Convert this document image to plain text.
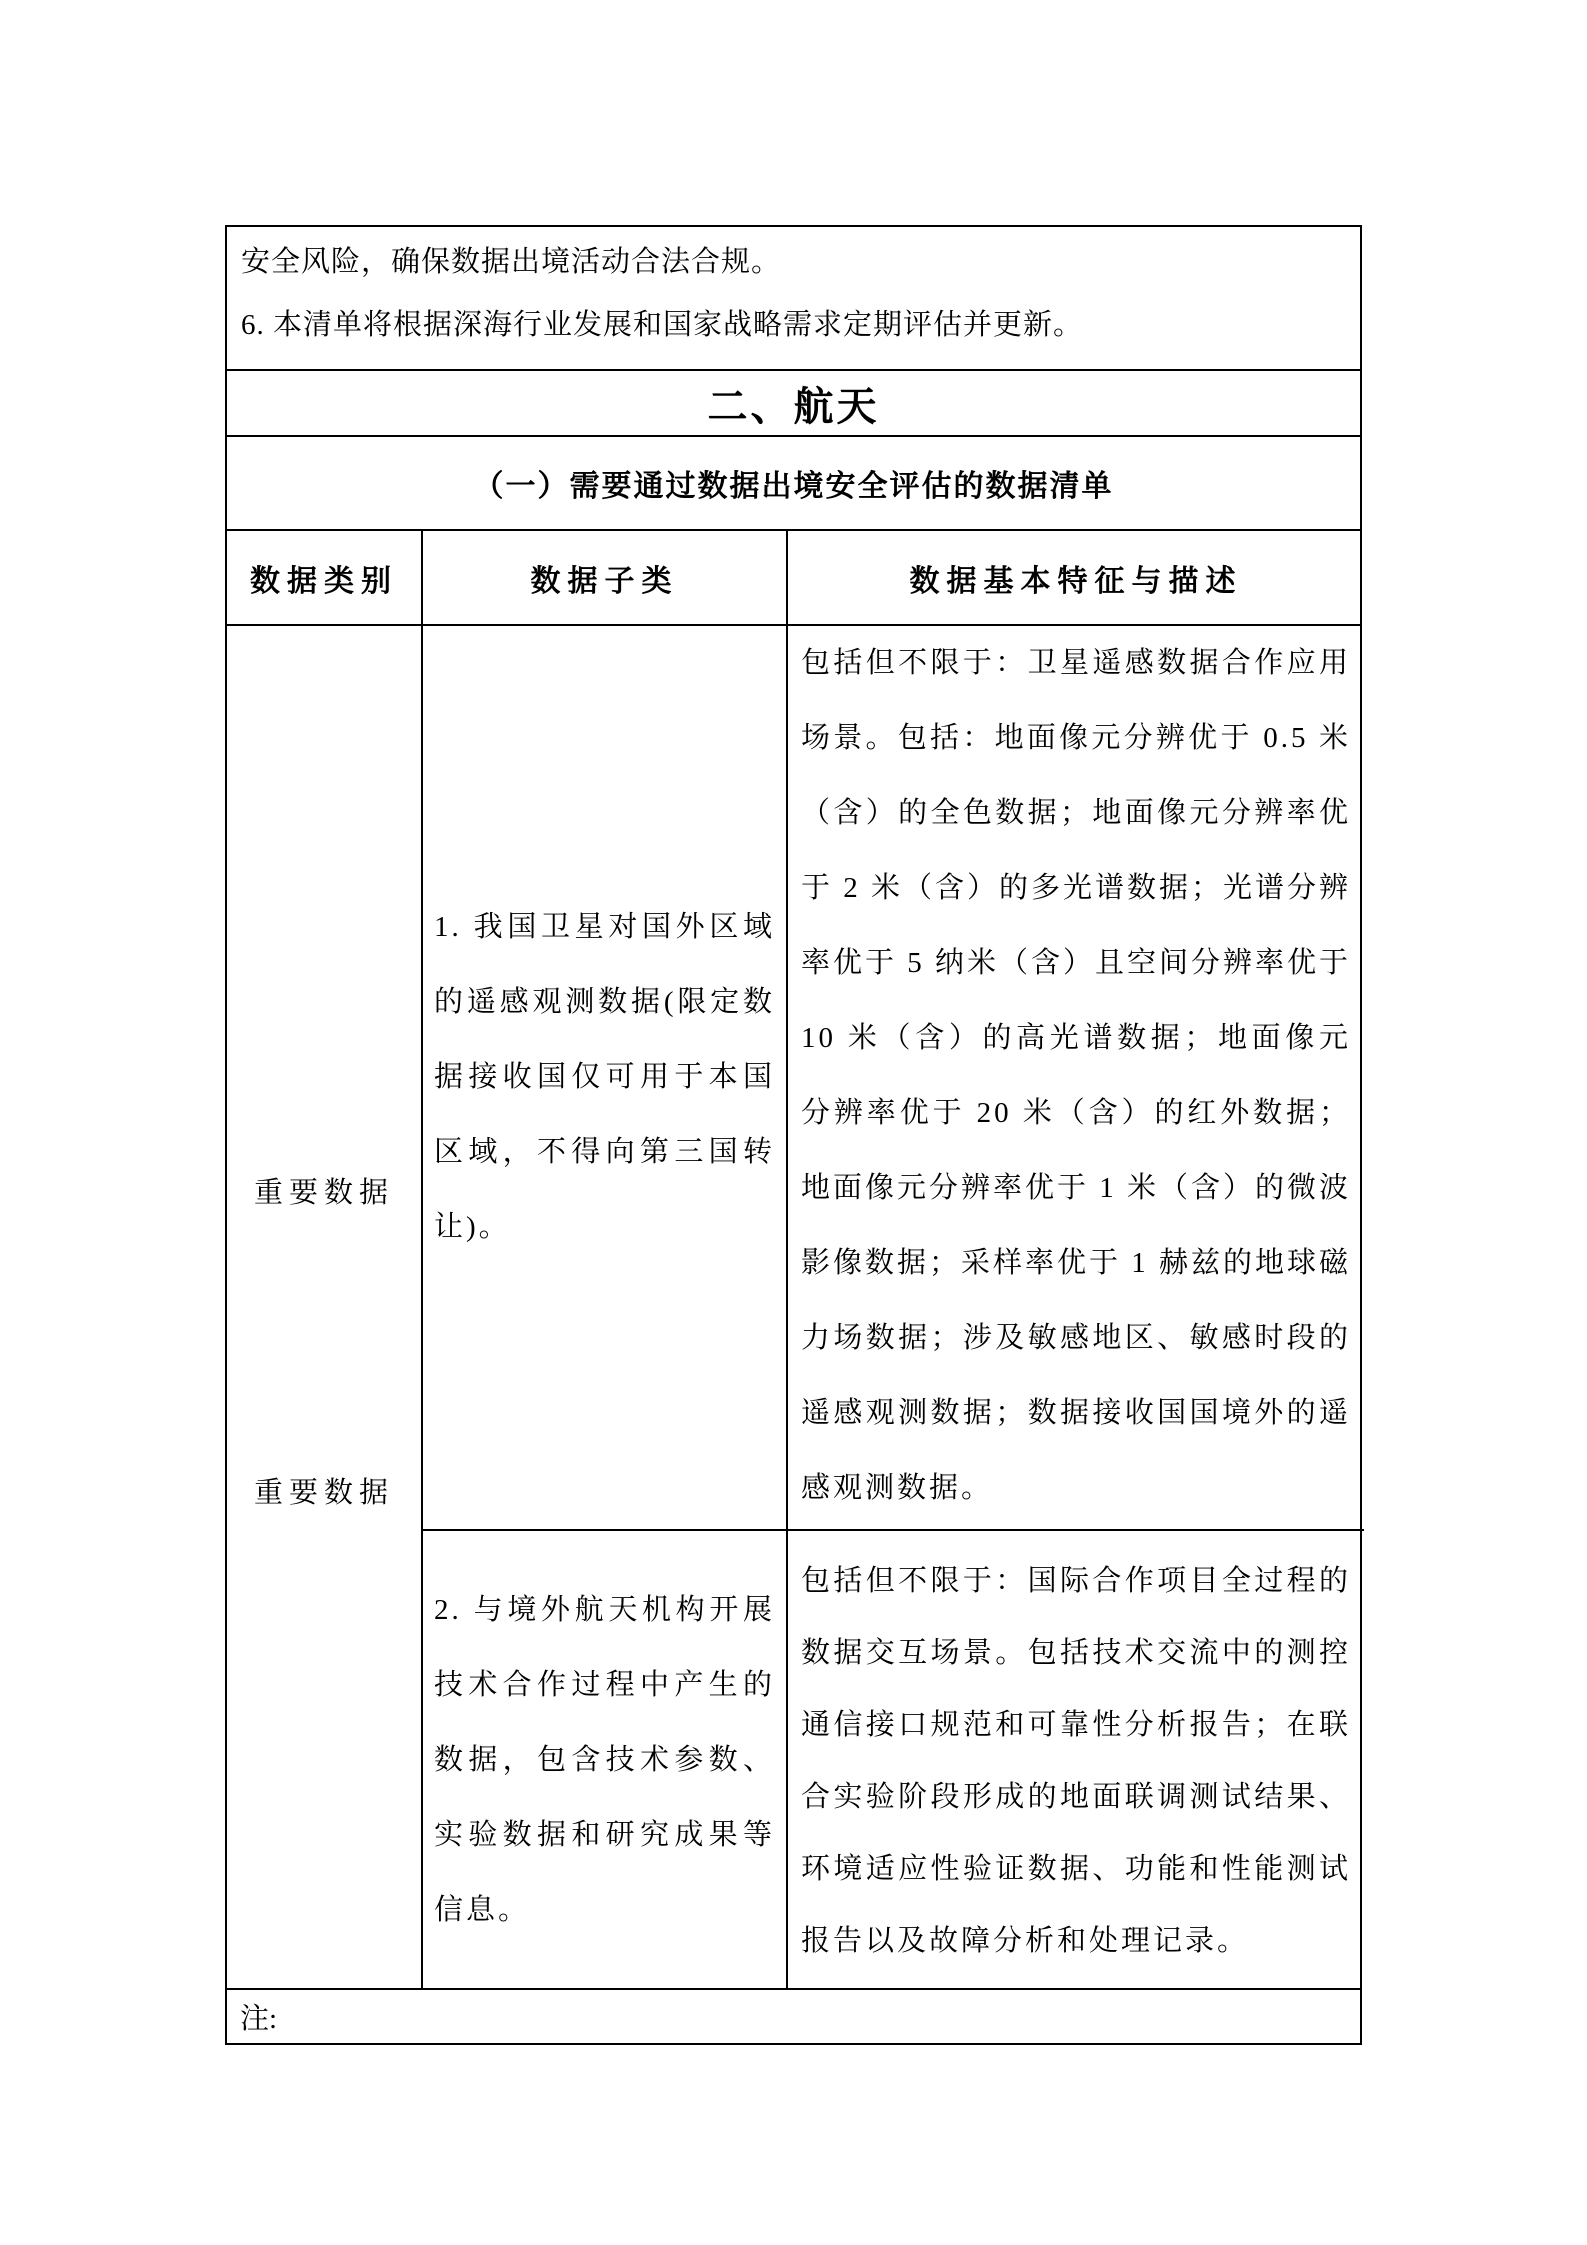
安全风险，确保数据出境活动合法合规。

6. 本清单将根据深海行业发展和国家战略需求定期评估并更新。

二、航天
（一）需要通过数据出境安全评估的数据清单
数据类别	数据子类	数据基本特征与描述
重要数据
重要数据

1. 我国卫星对国外区域的遥感观测数据(限定数据接收国仅可用于本国区域，不得向第三国转让)。

包括但不限于：卫星遥感数据合作应用场景。包括：地面像元分辨优于 0.5 米（含）的全色数据；地面像元分辨率优于 2 米（含）的多光谱数据；光谱分辨率优于 5 纳米（含）且空间分辨率优于 10 米（含）的高光谱数据；地面像元分辨率优于 20 米（含）的红外数据；地面像元分辨率优于 1 米（含）的微波影像数据；采样率优于 1 赫兹的地球磁力场数据；涉及敏感地区、敏感时段的遥感观测数据；数据接收国国境外的遥感观测数据。

2. 与境外航天机构开展技术合作过程中产生的数据，包含技术参数、实验数据和研究成果等信息。

包括但不限于：国际合作项目全过程的数据交互场景。包括技术交流中的测控通信接口规范和可靠性分析报告；在联合实验阶段形成的地面联调测试结果、环境适应性验证数据、功能和性能测试报告以及故障分析和处理记录。

注:
